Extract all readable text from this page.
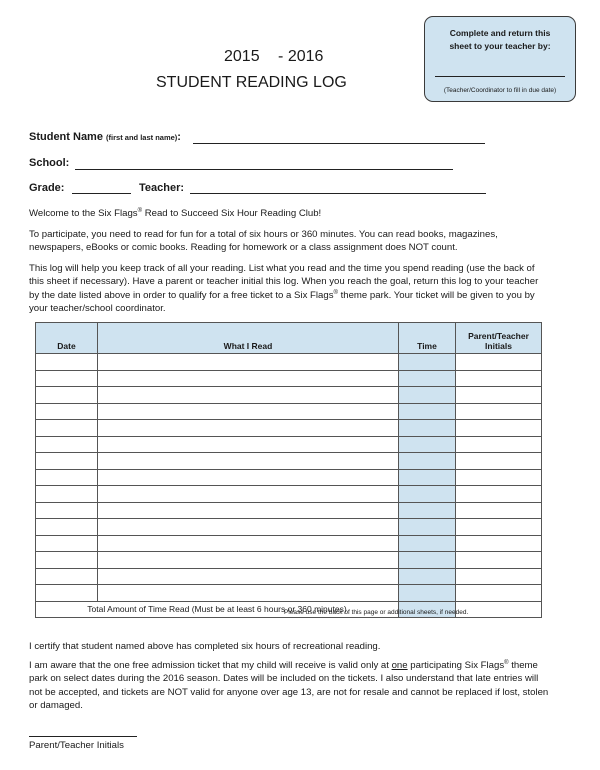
2015 - 2016
STUDENT READING LOG
Complete and return this
sheet to your teacher by:
(Teacher/Coordinator to fill in due date)
Student Name (first and last name):
School:
Grade:	Teacher:
Welcome to the Six Flags® Read to Succeed Six Hour Reading Club!
To participate, you need to read for fun for a total of six hours or 360 minutes. You can read books, magazines, newspapers, eBooks or comic books. Reading for homework or a class assignment does NOT count.
This log will help you keep track of all your reading. List what you read and the time you spend reading (use the back of this sheet if necessary). Have a parent or teacher initial this log. When you reach the goal, return this log to your teacher by the date listed above in order to qualify for a free ticket to a Six Flags® theme park. Your ticket will be given to you by your teacher/school coordinator.
Date	What I Read	Time	Parent/Teacher
Initials

Total Amount of Time Read (Must be at least 6 hours or 360 minutes)			
Please use the back of this page or additional sheets, if needed.
I certify that student named above has completed six hours of recreational reading.
I am aware that the one free admission ticket that my child will receive is valid only at one participating Six Flags® theme park on select dates during the 2016 season. Dates will be included on the tickets. I also understand that late entries will not be accepted, and tickets are NOT valid for anyone over age 13, are not for resale and cannot be replaced if lost, stolen or damaged.
Parent/Teacher Initials
